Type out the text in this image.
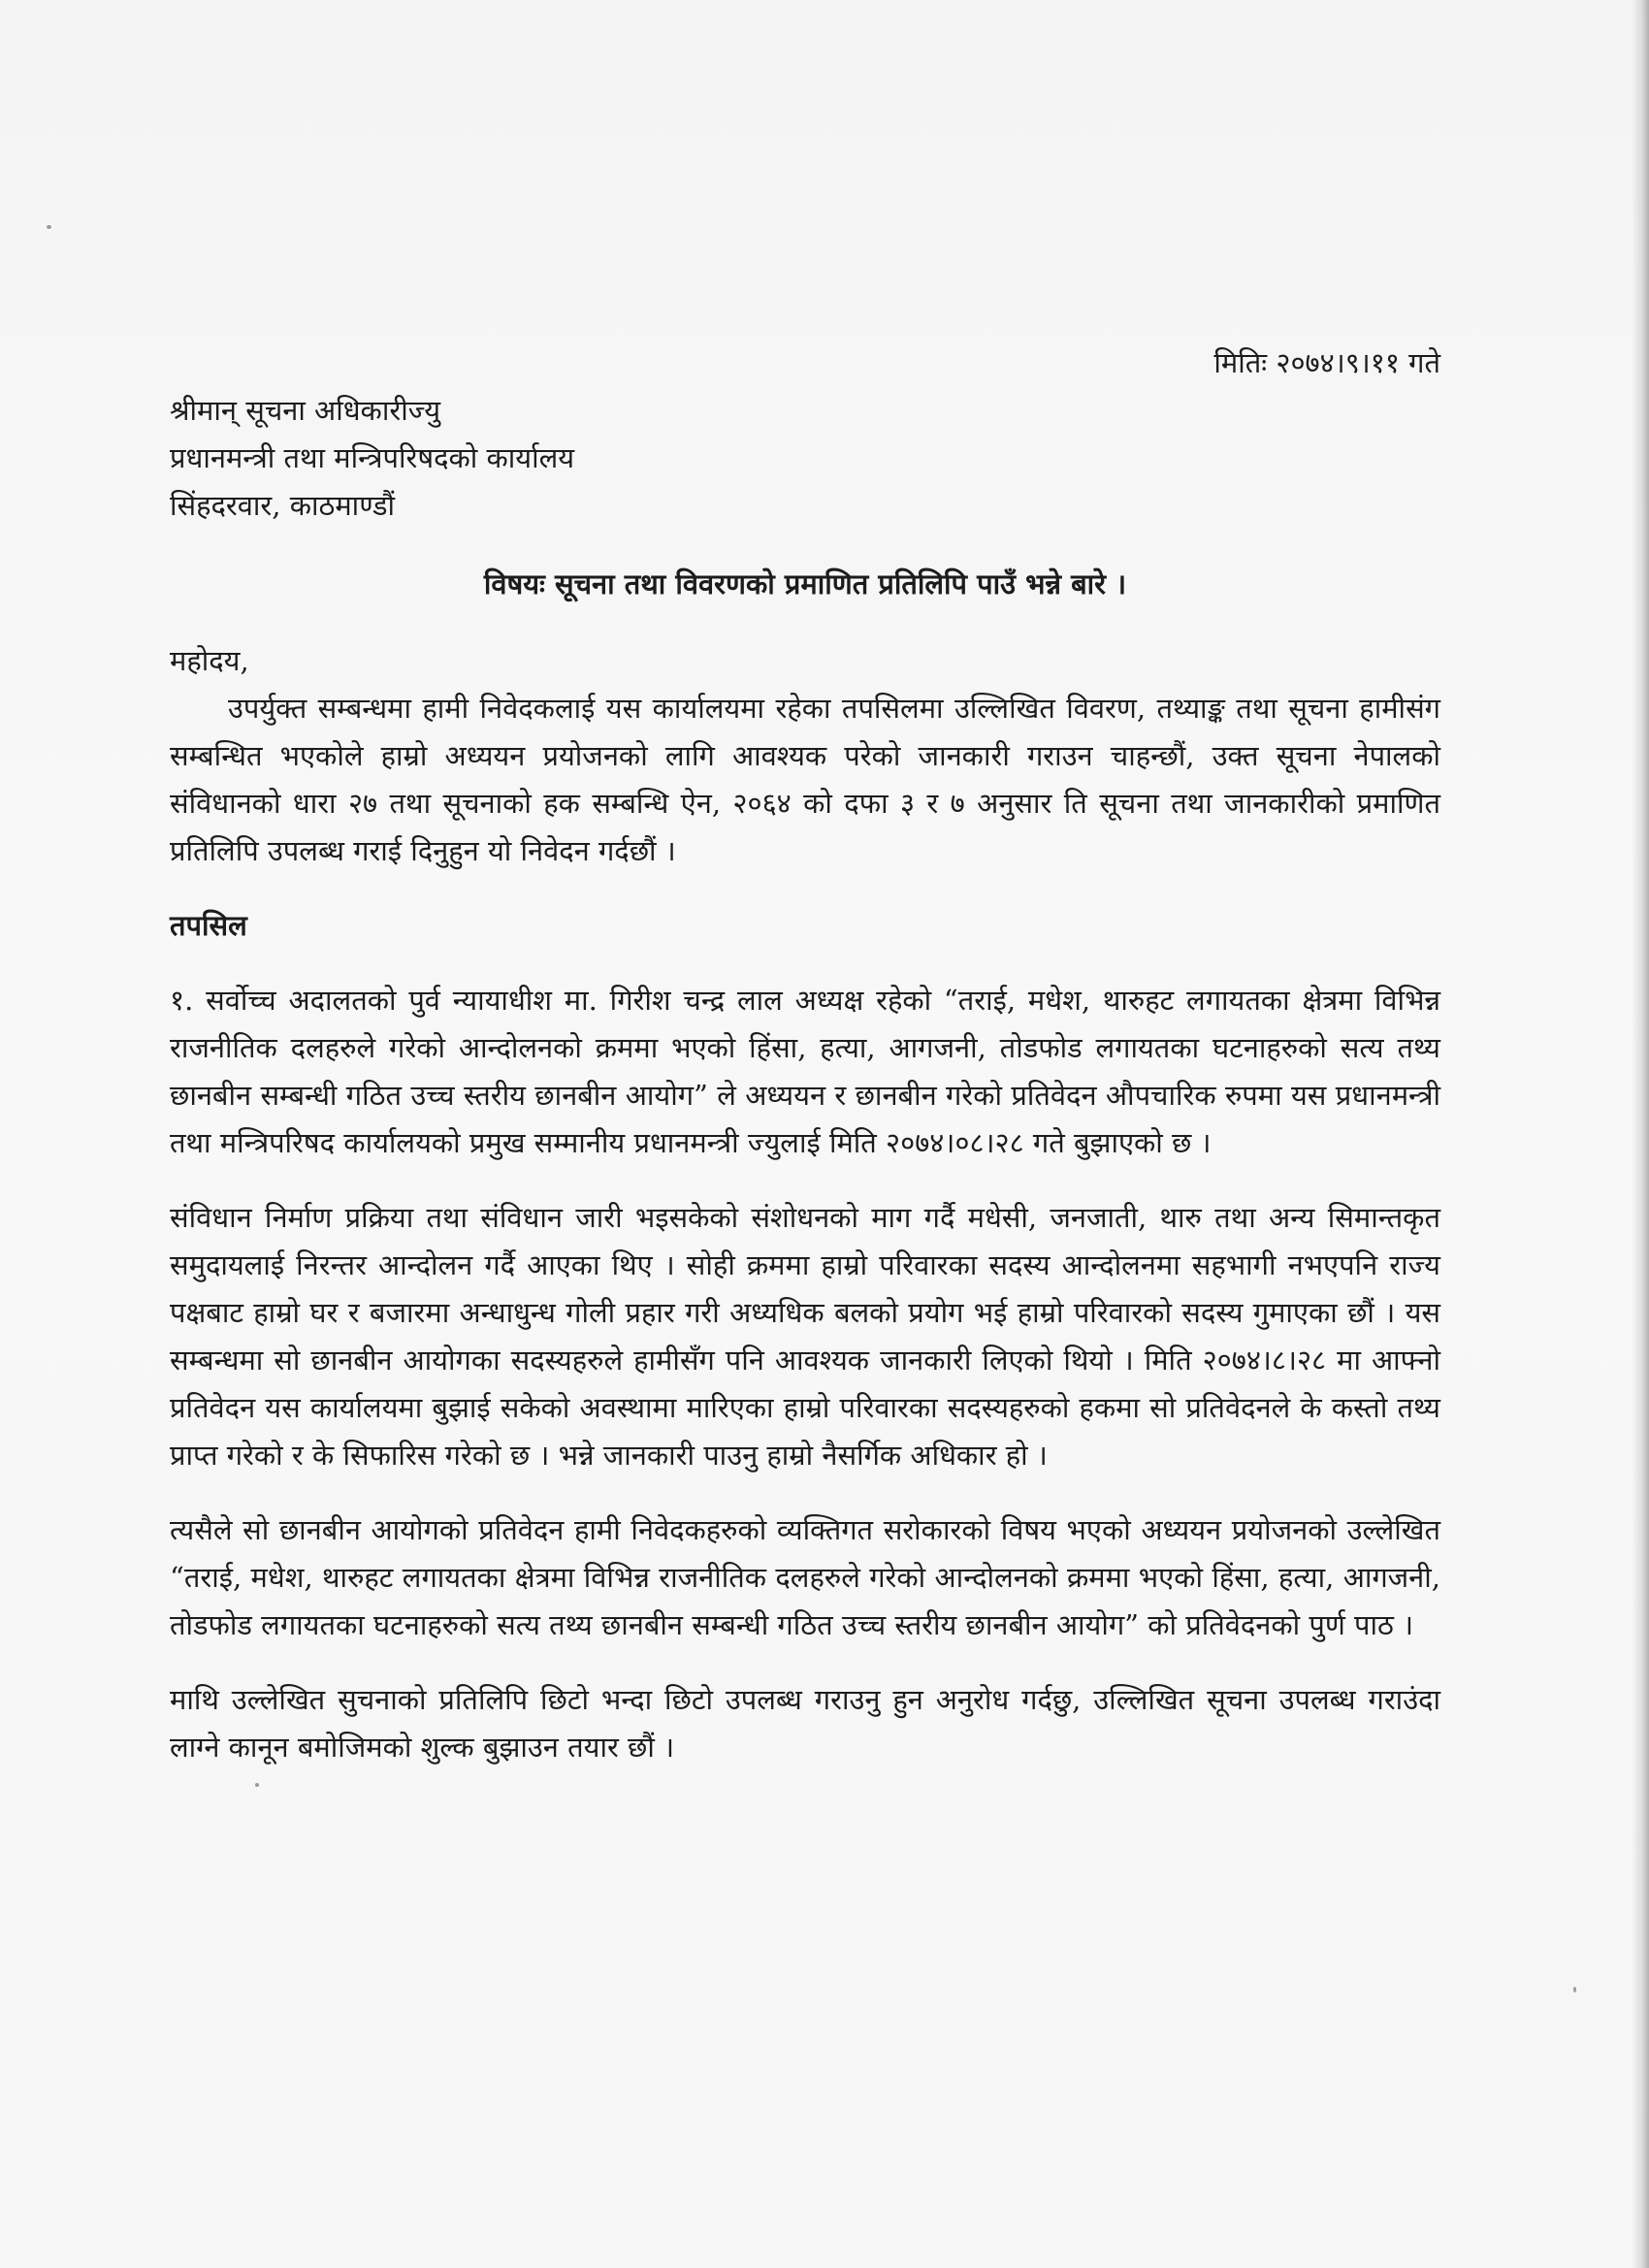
मितिः २०७४।९।११ गते
श्रीमान् सूचना अधिकारीज्यु
प्रधानमन्त्री तथा मन्त्रिपरिषदको कार्यालय
सिंहदरवार, काठमाण्डौं
विषयः सूचना तथा विवरणको प्रमाणित प्रतिलिपि पाउँ भन्ने बारे ।
महोदय,

उपर्युक्त सम्बन्धमा हामी निवेदकलाई यस कार्यालयमा रहेका तपसिलमा उल्लिखित विवरण, तथ्याङ्क तथा सूचना हामीसंग सम्बन्धित भएकोले हाम्रो अध्ययन प्रयोजनको लागि आवश्यक परेको जानकारी गराउन चाहन्छौं, उक्त सूचना नेपालको संविधानको धारा २७ तथा सूचनाको हक सम्बन्धि ऐन, २०६४ को दफा ३ र ७ अनुसार ति सूचना तथा जानकारीको प्रमाणित प्रतिलिपि उपलब्ध गराई दिनुहुन यो निवेदन गर्दछौं ।

तपसिल

१. सर्वोच्च अदालतको पुर्व न्यायाधीश मा. गिरीश चन्द्र लाल अध्यक्ष रहेको “तराई, मधेश, थारुहट लगायतका क्षेत्रमा विभिन्न राजनीतिक दलहरुले गरेको आन्दोलनको क्रममा भएको हिंसा, हत्या, आगजनी, तोडफोड लगायतका घटनाहरुको सत्य तथ्य छानबीन सम्बन्धी गठित उच्च स्तरीय छानबीन आयोग” ले अध्ययन र छानबीन गरेको प्रतिवेदन औपचारिक रुपमा यस प्रधानमन्त्री तथा मन्त्रिपरिषद कार्यालयको प्रमुख सम्मानीय प्रधानमन्त्री ज्युलाई मिति २०७४।०८।२८ गते बुझाएको छ ।

संविधान निर्माण प्रक्रिया तथा संविधान जारी भइसकेको संशोधनको माग गर्दै मधेसी, जनजाती, थारु तथा अन्य सिमान्तकृत समुदायलाई निरन्तर आन्दोलन गर्दै आएका थिए । सोही क्रममा हाम्रो परिवारका सदस्य आन्दोलनमा सहभागी नभएपनि राज्य पक्षबाट हाम्रो घर र बजारमा अन्धाधुन्ध गोली प्रहार गरी अध्यधिक बलको प्रयोग भई हाम्रो परिवारको सदस्य गुमाएका छौं । यस सम्बन्धमा सो छानबीन आयोगका सदस्यहरुले हामीसँग पनि आवश्यक जानकारी लिएको थियो । मिति २०७४।८।२८ मा आफ्नो प्रतिवेदन यस कार्यालयमा बुझाई सकेको अवस्थामा मारिएका हाम्रो परिवारका सदस्यहरुको हकमा सो प्रतिवेदनले के कस्तो तथ्य प्राप्त गरेको र के सिफारिस गरेको छ । भन्ने जानकारी पाउनु हाम्रो नैसर्गिक अधिकार हो ।

त्यसैले सो छानबीन आयोगको प्रतिवेदन हामी निवेदकहरुको व्यक्तिगत सरोकारको विषय भएको अध्ययन प्रयोजनको उल्लेखित “तराई, मधेश, थारुहट लगायतका क्षेत्रमा विभिन्न राजनीतिक दलहरुले गरेको आन्दोलनको क्रममा भएको हिंसा, हत्या, आगजनी, तोडफोड लगायतका घटनाहरुको सत्य तथ्य छानबीन सम्बन्धी गठित उच्च स्तरीय छानबीन आयोग” को प्रतिवेदनको पुर्ण पाठ ।

माथि उल्लेखित सुचनाको प्रतिलिपि छिटो भन्दा छिटो उपलब्ध गराउनु हुन अनुरोध गर्दछु, उल्लिखित सूचना उपलब्ध गराउंदा लाग्ने कानून बमोजिमको शुल्क बुझाउन तयार छौं ।
